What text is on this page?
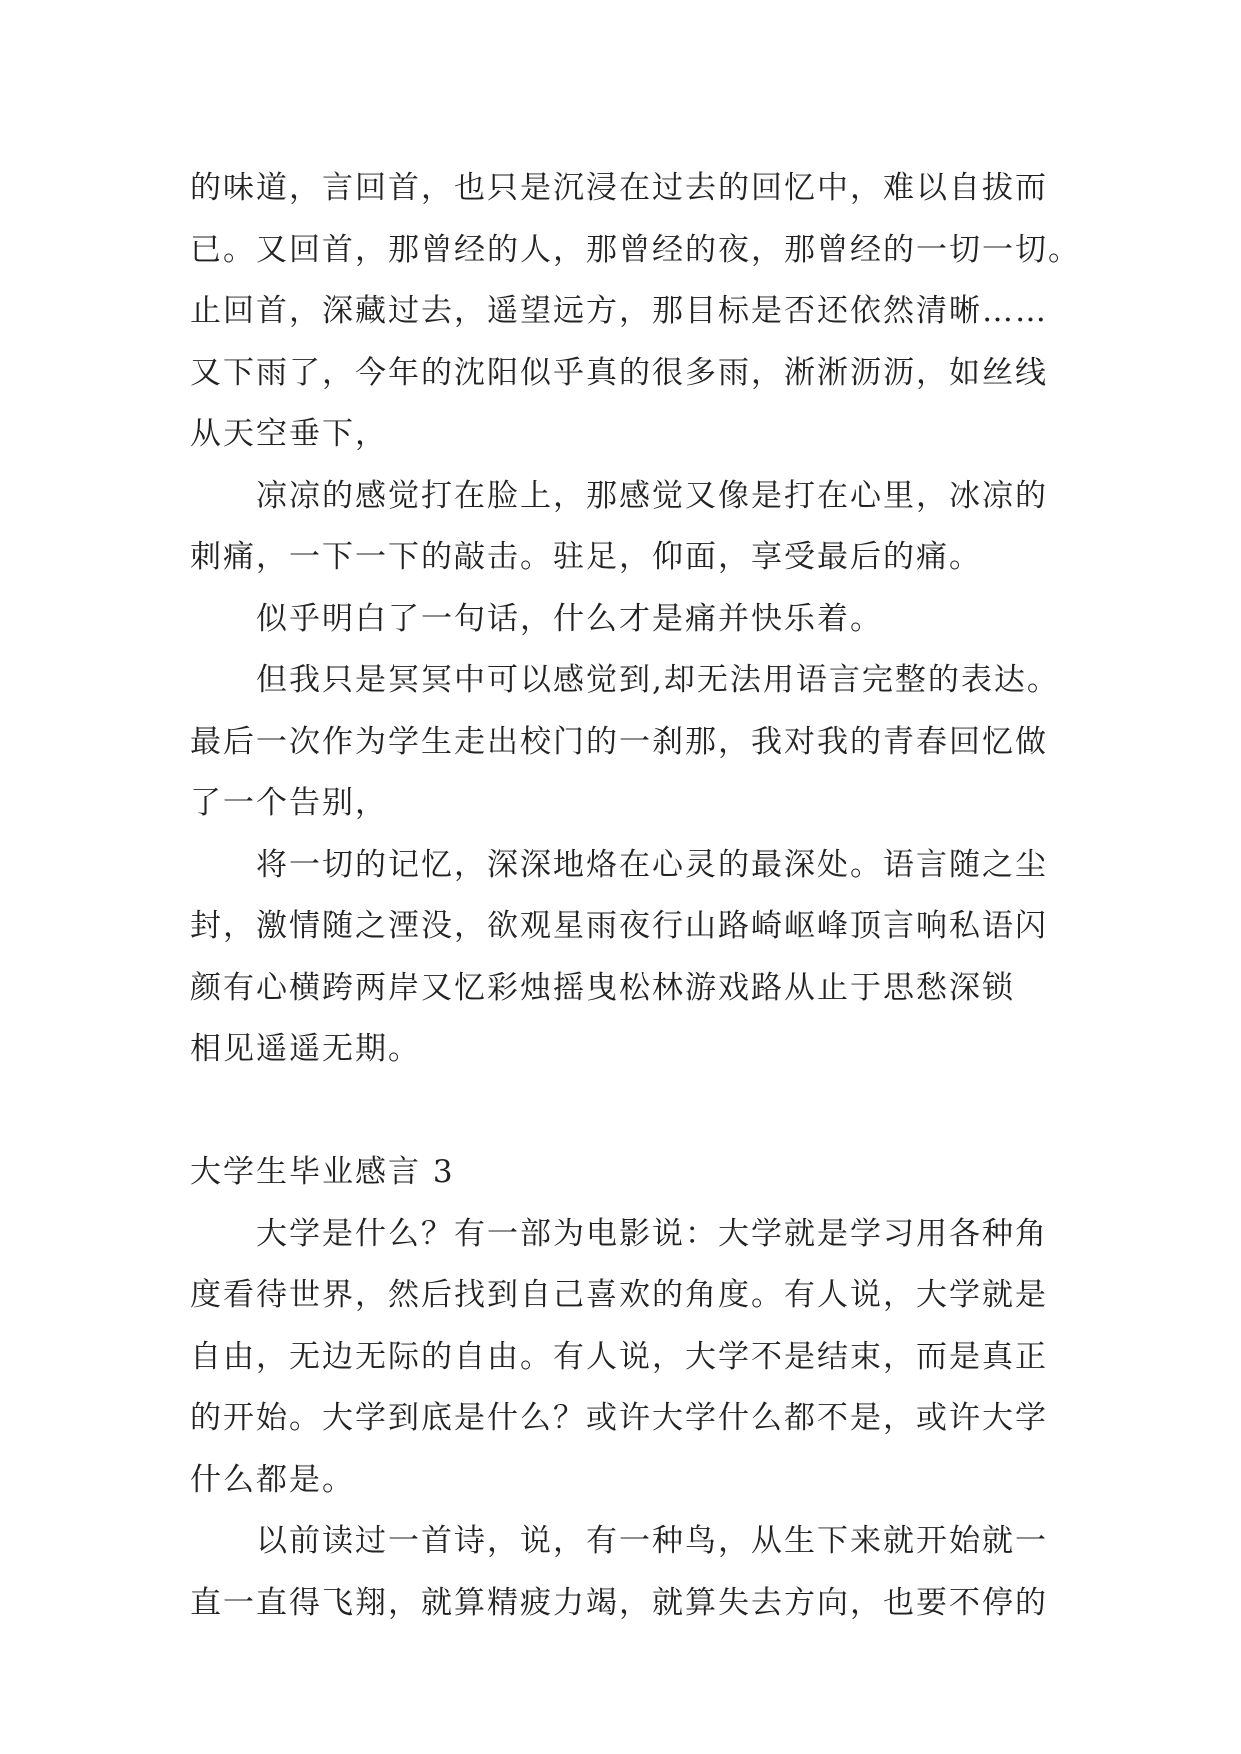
的味道，言回首，也只是沉浸在过去的回忆中，难以自拔而
已。又回首，那曾经的人，那曾经的夜，那曾经的一切一切。
止回首，深藏过去，遥望远方，那目标是否还依然清晰……
又下雨了，今年的沈阳似乎真的很多雨，淅淅沥沥，如丝线
从天空垂下，
凉凉的感觉打在脸上，那感觉又像是打在心里，冰凉的
刺痛，一下一下的敲击。驻足，仰面，享受最后的痛。
似乎明白了一句话，什么才是痛并快乐着。
但我只是冥冥中可以感觉到,却无法用语言完整的表达。
最后一次作为学生走出校门的一刹那，我对我的青春回忆做
了一个告别，
将一切的记忆，深深地烙在心灵的最深处。语言随之尘
封，激情随之湮没，欲观星雨夜行山路崎岖峰顶言响私语闪
颜有心横跨两岸又忆彩烛摇曳松林游戏路从止于思愁深锁
相见遥遥无期。
大学生毕业感言 3
大学是什么？有一部为电影说：大学就是学习用各种角
度看待世界，然后找到自己喜欢的角度。有人说，大学就是
自由，无边无际的自由。有人说，大学不是结束，而是真正
的开始。大学到底是什么？或许大学什么都不是，或许大学
什么都是。
以前读过一首诗，说，有一种鸟，从生下来就开始就一
直一直得飞翔，就算精疲力竭，就算失去方向，也要不停的
